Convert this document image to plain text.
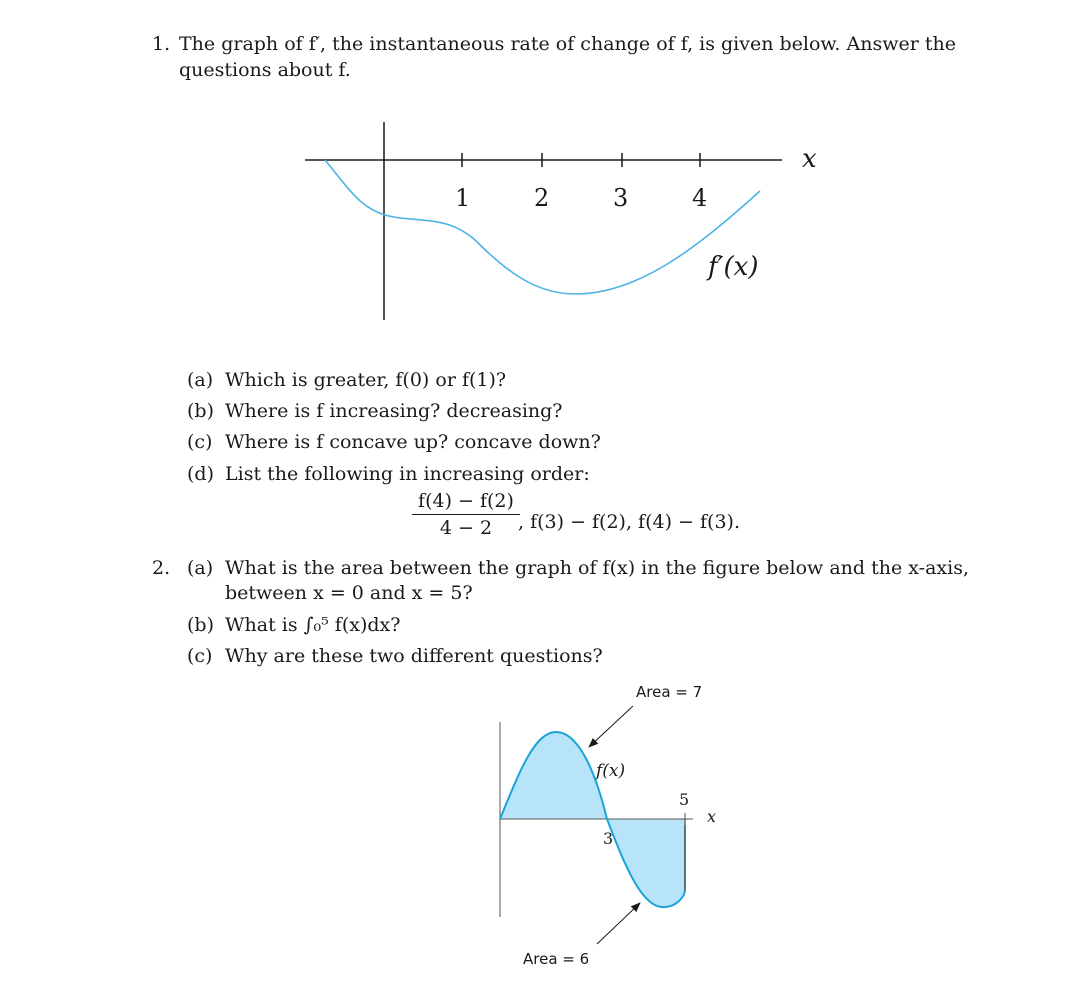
1. The graph of f′, the instantaneous rate of change of f, is given below. Answer the
questions about f.
1	2	3	4
x
f′(x)
(a) Which is greater, f(0) or f(1)?
(b) Where is f increasing? decreasing?
(c) Where is f concave up? concave down?
(d) List the following in increasing order:
$\frac{f(4) - f(2)}{4 - 2}$
, f(3) − f(2), f(4) − f(3).
2. (a) What is the area between the graph of f(x) in the figure below and the x-axis,
between x = 0 and x = 5?
(b) What is ∫₀⁵ f(x)dx?
(c) Why are these two different questions?
Area = 7
Area = 6
f(x)
5
3
x
